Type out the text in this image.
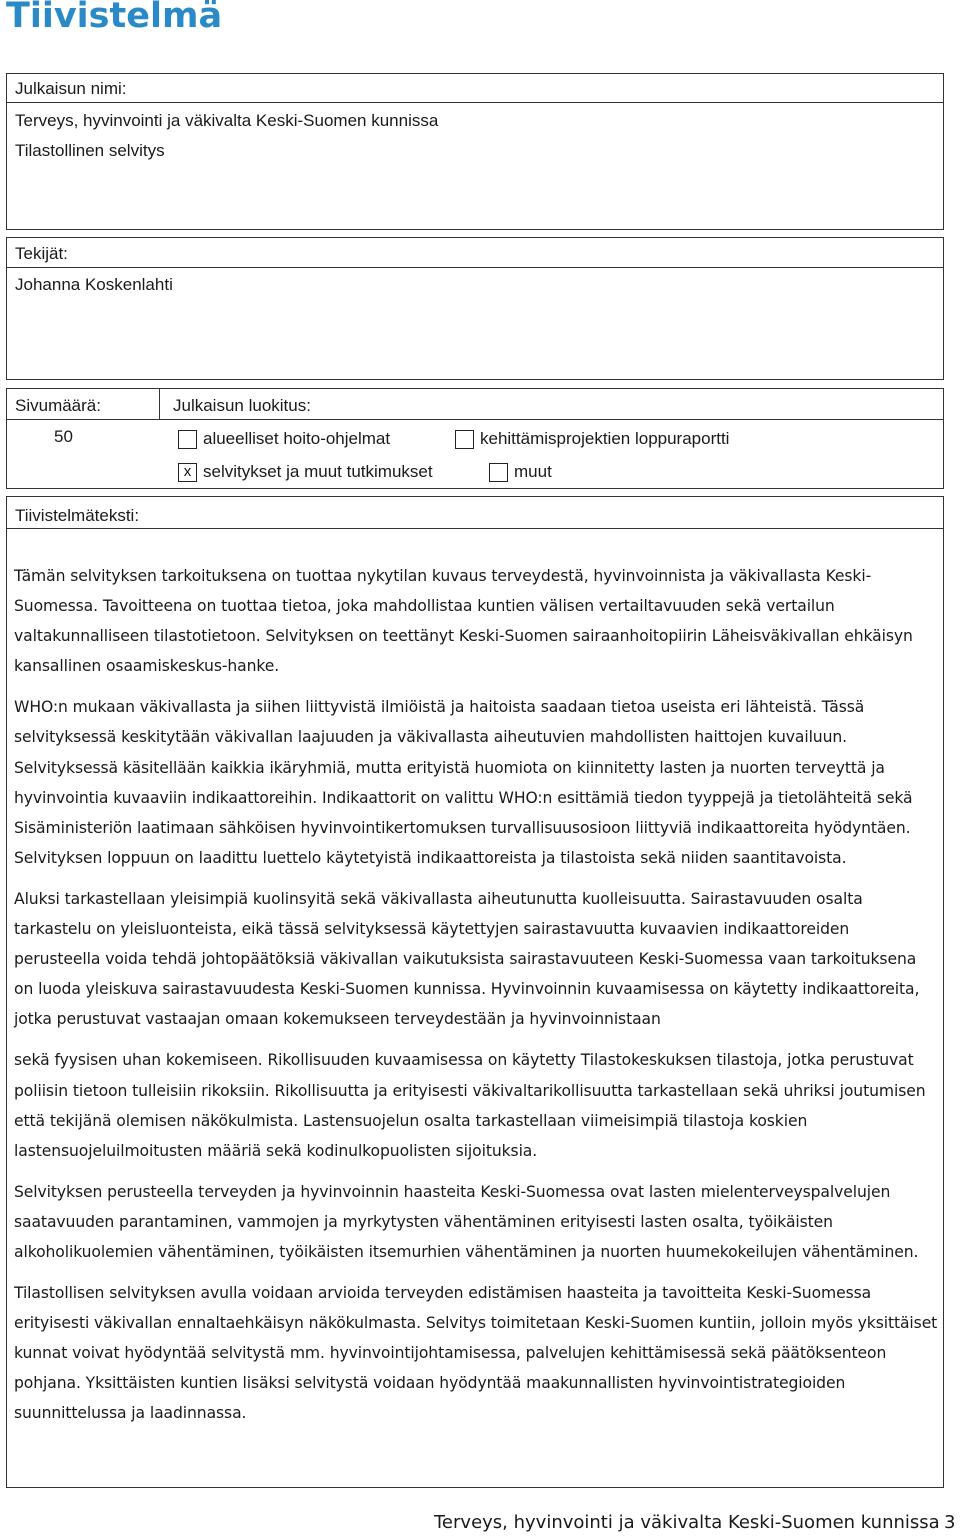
Tiivistelmä
Julkaisun nimi:
Terveys, hyvinvointi ja väkivalta Keski-Suomen kunnissa
Tilastollinen selvitys
Tekijät:
Johanna Koskenlahti
Sivumäärä:	Julkaisun luokitus:
50	alueelliset hoito-ohjelmat	kehittämisprojektien loppuraportti
x selvitykset ja muut tutkimukset	muut
Tiivistelmäteksti:

Tämän selvityksen tarkoituksena on tuottaa nykytilan kuvaus terveydestä, hyvinvoinnista ja väkivallasta Keski-Suomessa. Tavoitteena on tuottaa tietoa, joka mahdollistaa kuntien välisen vertailtavuuden sekä vertailun valtakunnalliseen tilastotietoon. Selvityksen on teettänyt Keski-Suomen sairaanhoitopiirin Läheisväkivallan ehkäisyn kansallinen osaamiskeskus-hanke.

WHO:n mukaan väkivallasta ja siihen liittyvistä ilmiöistä ja haitoista saadaan tietoa useista eri lähteistä. Tässä selvityksessä keskitytään väkivallan laajuuden ja väkivallasta aiheutuvien mahdollisten haittojen kuvailuun. Selvityksessä käsitellään kaikkia ikäryhmiä, mutta erityistä huomiota on kiinnitetty lasten ja nuorten terveyttä ja hyvinvointia kuvaaviin indikaattoreihin. Indikaattorit on valittu WHO:n esittämiä tiedon tyyppejä ja tietolähteitä sekä Sisäministeriön laatimaan sähköisen hyvinvointikertomuksen turvallisuusosioon liittyviä indikaattoreita hyödyntäen. Selvityksen loppuun on laadittu luettelo käytetyistä indikaattoreista ja tilastoista sekä niiden saantitavoista.

Aluksi tarkastellaan yleisimpiä kuolinsyitä sekä väkivallasta aiheutunutta kuolleisuutta. Sairastavuuden osalta tarkastelu on yleisluonteista, eikä tässä selvityksessä käytettyjen sairastavuutta kuvaavien indikaattoreiden perusteella voida tehdä johtopäätöksiä väkivallan vaikutuksista sairastavuuteen Keski-Suomessa vaan tarkoituksena on luoda yleiskuva sairastavuudesta Keski-Suomen kunnissa. Hyvinvoinnin kuvaamisessa on käytetty indikaattoreita, jotka perustuvat vastaajan omaan kokemukseen terveydestään ja hyvinvoinnistaan

sekä fyysisen uhan kokemiseen. Rikollisuuden kuvaamisessa on käytetty Tilastokeskuksen tilastoja, jotka perustuvat poliisin tietoon tulleisiin rikoksiin. Rikollisuutta ja erityisesti väkivaltarikollisuutta tarkastellaan sekä uhriksi joutumisen että tekijänä olemisen näkökulmista. Lastensuojelun osalta tarkastellaan viimeisimpiä tilastoja koskien lastensuojeluilmoitusten määriä sekä kodinulkopuolisten sijoituksia.

Selvityksen perusteella terveyden ja hyvinvoinnin haasteita Keski-Suomessa ovat lasten mielenterveyspalvelujen saatavuuden parantaminen, vammojen ja myrkytysten vähentäminen erityisesti lasten osalta, työikäisten alkoholikuolemien vähentäminen, työikäisten itsemurhien vähentäminen ja nuorten huumekokeilujen vähentäminen.

Tilastollisen selvityksen avulla voidaan arvioida terveyden edistämisen haasteita ja tavoitteita Keski-Suomessa erityisesti väkivallan ennaltaehkäisyn näkökulmasta. Selvitys toimitetaan Keski-Suomen kuntiin, jolloin myös yksittäiset kunnat voivat hyödyntää selvitystä mm. hyvinvointijohtamisessa, palvelujen kehittämisessä sekä päätöksenteon pohjana. Yksittäisten kuntien lisäksi selvitystä voidaan hyödyntää maakunnallisten hyvinvointistrategioiden suunnittelussa ja laadinnassa.

Terveys, hyvinvointi ja väkivalta Keski-Suomen kunnissa 3
